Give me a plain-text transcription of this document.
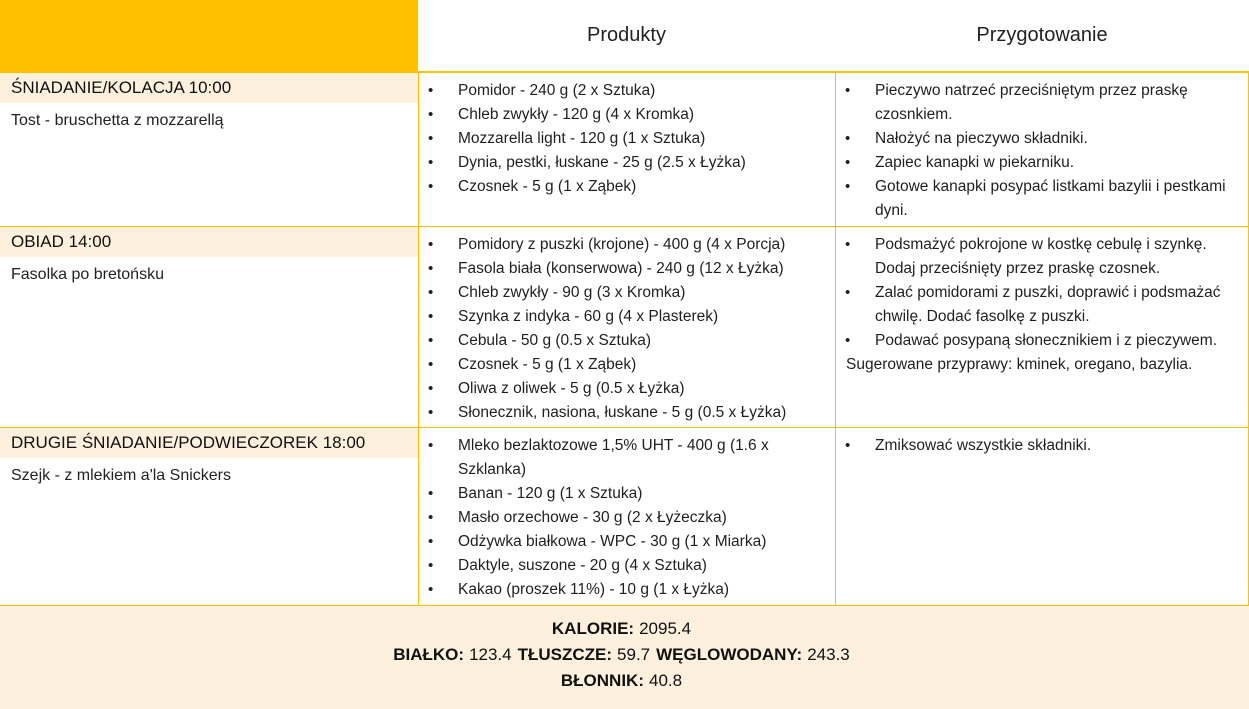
Produkty	Przygotowanie
ŚNIADANIE/KOLACJA 10:00
Tost - bruschetta z mozzarellą
• Pomidor - 240 g (2 x Sztuka)
• Chleb zwykły - 120 g (4 x Kromka)
• Mozzarella light - 120 g (1 x Sztuka)
• Dynia, pestki, łuskane - 25 g (2.5 x Łyżka)
• Czosnek - 5 g (1 x Ząbek)
• Pieczywo natrzeć przeciśniętym przez praskę czosnkiem.
• Nałożyć na pieczywo składniki.
• Zapiec kanapki w piekarniku.
• Gotowe kanapki posypać listkami bazylii i pestkami dyni.
OBIAD 14:00
Fasolka po bretońsku
• Pomidory z puszki (krojone) - 400 g (4 x Porcja)
• Fasola biała (konserwowa) - 240 g (12 x Łyżka)
• Chleb zwykły - 90 g (3 x Kromka)
• Szynka z indyka - 60 g (4 x Plasterek)
• Cebula - 50 g (0.5 x Sztuka)
• Czosnek - 5 g (1 x Ząbek)
• Oliwa z oliwek - 5 g (0.5 x Łyżka)
• Słonecznik, nasiona, łuskane - 5 g (0.5 x Łyżka)
• Podsmażyć pokrojone w kostkę cebulę i szynkę. Dodaj przeciśnięty przez praskę czosnek.
• Zalać pomidorami z puszki, doprawić i podsmażać chwilę. Dodać fasolkę z puszki.
• Podawać posypaną słonecznikiem i z pieczywem.
Sugerowane przyprawy: kminek, oregano, bazylia.
DRUGIE ŚNIADANIE/PODWIECZOREK 18:00
Szejk - z mlekiem a'la Snickers
• Mleko bezlaktozowe 1,5% UHT - 400 g (1.6 x Szklanka)
• Banan - 120 g (1 x Sztuka)
• Masło orzechowe - 30 g (2 x Łyżeczka)
• Odżywka białkowa - WPC - 30 g (1 x Miarka)
• Daktyle, suszone - 20 g (4 x Sztuka)
• Kakao (proszek 11%) - 10 g (1 x Łyżka)
• Zmiksować wszystkie składniki.
KALORIE: 2095.4
BIAŁKO: 123.4 TŁUSZCZE: 59.7 WĘGLOWODANY: 243.3
BŁONNIK: 40.8
